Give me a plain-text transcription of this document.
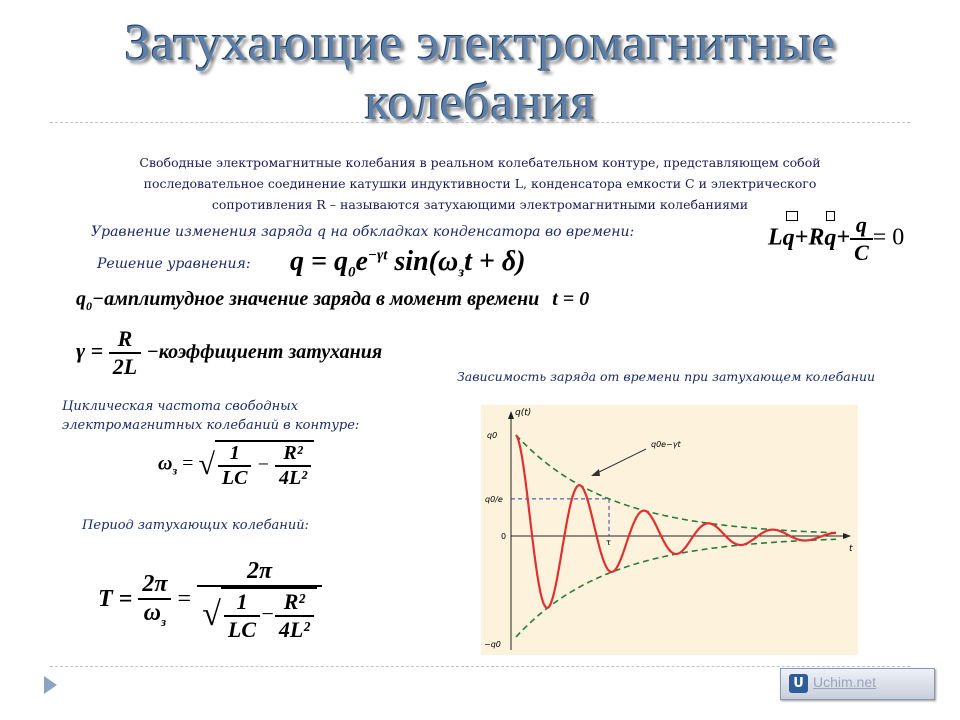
Затухающие электромагнитные
колебания
Свободные электромагнитные колебания в реальном колебательном контуре, представляющем собой
последовательное соединение катушки индуктивности L, конденсатора емкости С и электрического
сопротивления R – называются затухающими электромагнитными колебаниями
L
q+R
$q+ \frac{q}{C} = 0$
Уравнение изменения заряда q на обкладках конденсатора во времени:
Решение уравнения: $q = q_0e^{-\gamma t}$ $\sin(\omega_зt + \delta)$
$q_0-амплитудное$ значение заряда в момент времени t = 0
$\gamma = \frac{R}{2L}$ −коэффициент затухания
Циклическая частота свободных
электромагнитных колебаний в контуре:
$\omega_з$ = √ $\frac{1}{LC} - \frac{\text{R²}}{\text{4L²}}$
Период затухающих колебаний:
$T = \frac{2\pi}{\omega_з} = \frac{2\pi}{√ \frac{1}{LC} - \frac{\text{R²}}{\text{4L²}}}$
Зависимость заряда от времени при затухающем колебании
q(t)
t
q0
q0/e
0
−q0
τ
q0e−γt
U Uchim.net
